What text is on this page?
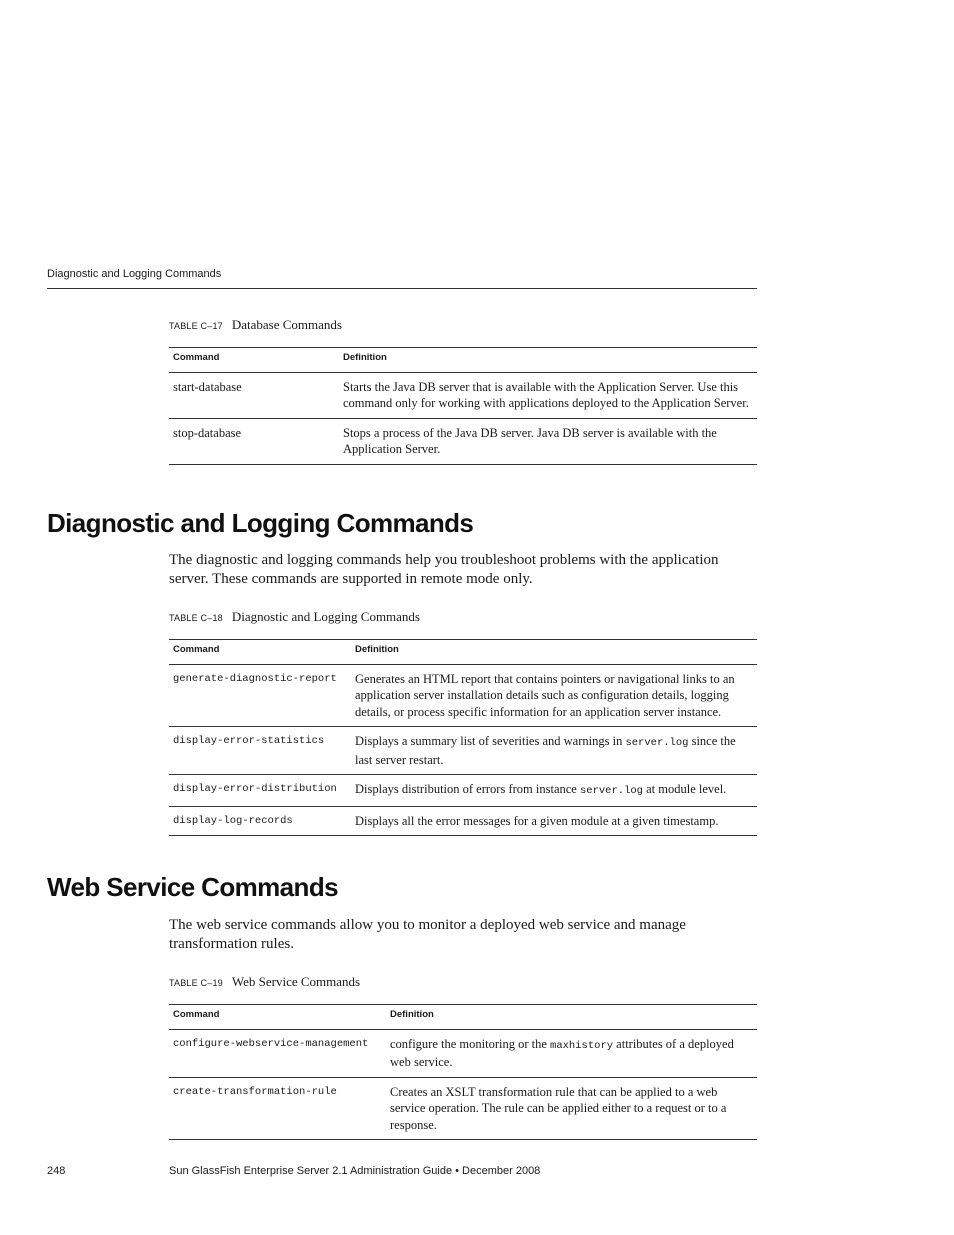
Diagnostic and Logging Commands
TABLE C–17 Database Commands
Command	Definition
start-database	Starts the Java DB server that is available with the Application Server. Use this command only for working with applications deployed to the Application Server.
stop-database	Stops a process of the Java DB server. Java DB server is available with the Application Server.
Diagnostic and Logging Commands

The diagnostic and logging commands help you troubleshoot problems with the application server. These commands are supported in remote mode only.

TABLE C–18 Diagnostic and Logging Commands
Command	Definition
generate-diagnostic-report	Generates an HTML report that contains pointers or navigational links to an application server installation details such as configuration details, logging details, or process specific information for an application server instance.
display-error-statistics	Displays a summary list of severities and warnings in server.log since the last server restart.
display-error-distribution	Displays distribution of errors from instance server.log at module level.
display-log-records	Displays all the error messages for a given module at a given timestamp.
Web Service Commands

The web service commands allow you to monitor a deployed web service and manage transformation rules.

TABLE C–19 Web Service Commands
Command	Definition
configure-webservice-management	configure the monitoring or the maxhistory attributes of a deployed web service.
create-transformation-rule	Creates an XSLT transformation rule that can be applied to a web service operation. The rule can be applied either to a request or to a response.
248	Sun GlassFish Enterprise Server 2.1 Administration Guide • December 2008
